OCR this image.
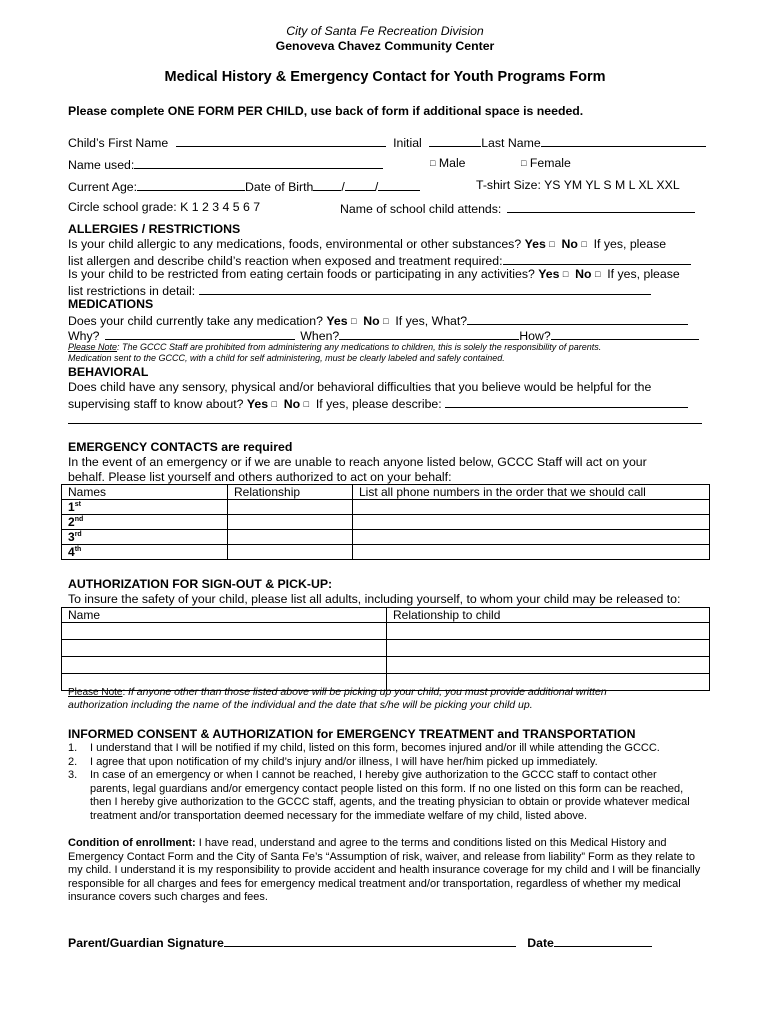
City of Santa Fe Recreation Division
Genoveva Chavez Community Center
Medical History & Emergency Contact for Youth Programs Form
Please complete ONE FORM PER CHILD, use back of form if additional space is needed.
Child’s First Name	Initial	Last Name
Name used:	□ Male	□ Female
Current Age:	Date of Birth / /	T-shirt Size: YS YM YL S M L XL XXL
Circle school grade: K 1 2 3 4 5 6 7	Name of school child attends:
ALLERGIES / RESTRICTIONS
Is your child allergic to any medications, foods, environmental or other substances? Yes □ No □ If yes, please
list allergen and describe child’s reaction when exposed and treatment required:
Is your child to be restricted from eating certain foods or participating in any activities? Yes □ No □ If yes, please
list restrictions in detail:
MEDICATIONS
Does your child currently take any medication? Yes □ No □ If yes, What?
Why?	When?	How?
Please Note: The GCCC Staff are prohibited from administering any medications to children, this is solely the responsibility of parents.
Medication sent to the GCCC, with a child for self administering, must be clearly labeled and safely contained.
BEHAVIORAL
Does child have any sensory, physical and/or behavioral difficulties that you believe would be helpful for the
supervising staff to know about? Yes □ No □ If yes, please describe:
EMERGENCY CONTACTS are required
In the event of an emergency or if we are unable to reach anyone listed below, GCCC Staff will act on your
behalf. Please list yourself and others authorized to act on your behalf:
Names	Relationship	List all phone numbers in the order that we should call
1st		
2nd		
3rd		
4th		
AUTHORIZATION FOR SIGN-OUT & PICK-UP:
To insure the safety of your child, please list all adults, including yourself, to whom your child may be released to:
Name	Relationship to child

Please Note: If anyone other than those listed above will be picking up your child, you must provide additional written
authorization including the name of the individual and the date that s/he will be picking your child up.
INFORMED CONSENT & AUTHORIZATION for EMERGENCY TREATMENT and TRANSPORTATION
1. I understand that I will be notified if my child, listed on this form, becomes injured and/or ill while attending the GCCC.
2. I agree that upon notification of my child’s injury and/or illness, I will have her/him picked up immediately.
3. In case of an emergency or when I cannot be reached, I hereby give authorization to the GCCC staff to contact other parents, legal guardians and/or emergency contact people listed on this form. If no one listed on this form can be reached, then I hereby give authorization to the GCCC staff, agents, and the treating physician to obtain or provide whatever medical treatment and/or transportation deemed necessary for the immediate welfare of my child, listed above.
Condition of enrollment: I have read, understand and agree to the terms and conditions listed on this Medical History and Emergency Contact Form and the City of Santa Fe’s “Assumption of risk, waiver, and release from liability” Form as they relate to my child. I understand it is my responsibility to provide accident and health insurance coverage for my child and I will be financially responsible for all charges and fees for emergency medical treatment and/or transportation, regardless of whether my medical insurance covers such charges and fees.
Parent/Guardian Signature	Date
